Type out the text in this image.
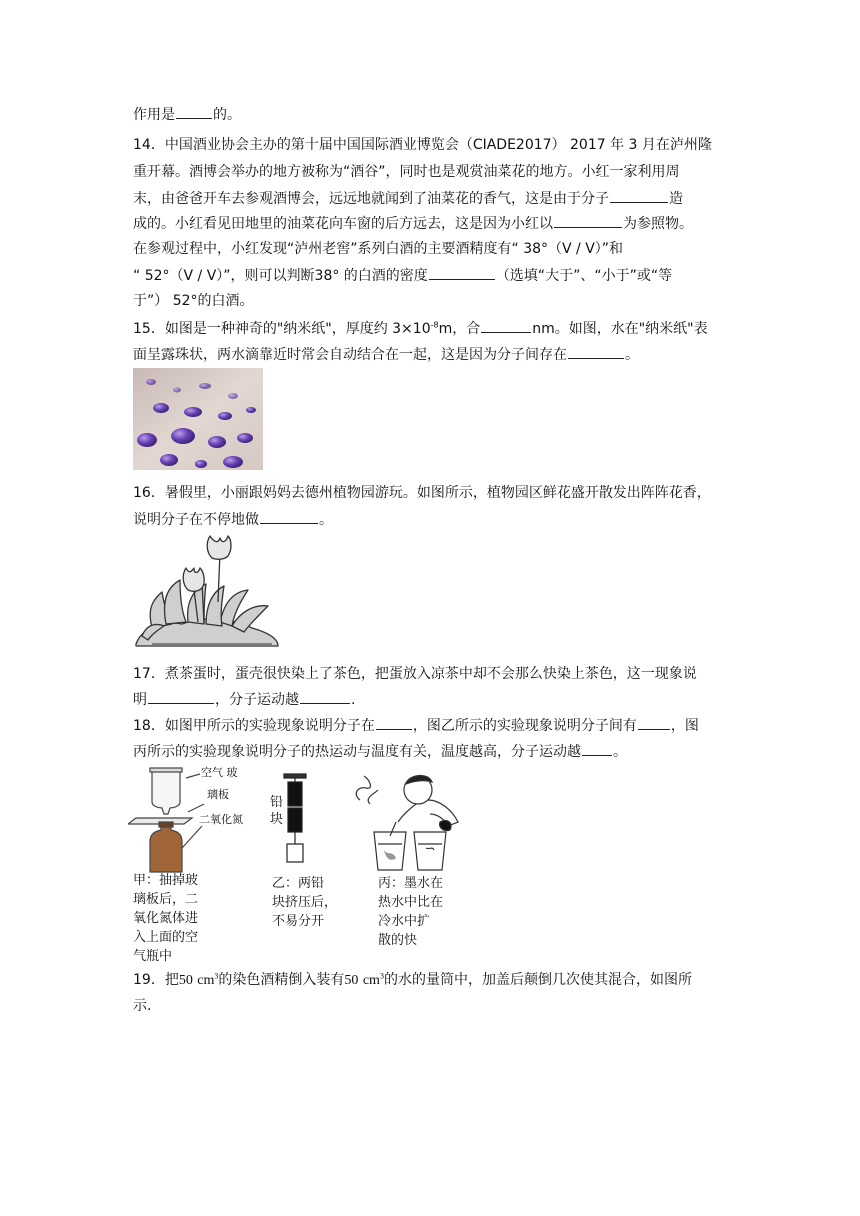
作用是	的。
14．中国酒业协会主办的第十届中国国际酒业博览会（CIADE2017） 2017 年 3 月在泸州隆
重开幕。酒博会举办的地方被称为“酒谷”，同时也是观赏油菜花的地方。小红一家利用周
末，由爸爸开车去参观酒博会，远远地就闻到了油菜花的香气，这是由于分子	造
成的。小红看见田地里的油菜花向车窗的后方远去，这是因为小红以	为参照物。
在参观过程中，小红发现“泸州老窖”系列白酒的主要酒精度有“ 38°（V / V）”和
“ 52°（V / V）”，则可以判断38° 的白酒的密度	（选填“大于”、“小于”或“等
于”） 52°的白酒。
15．如图是一种神奇的"纳米纸"，厚度约 $3\times 10^{-8}m$，合	nm。如图，水在"纳米纸"表
面呈露珠状，两水滴靠近时常会自动结合在一起，这是因为分子间存在	。
16．暑假里，小丽跟妈妈去德州植物园游玩。如图所示，植物园区鲜花盛开散发出阵阵花香，
说明分子在不停地做	。
17．煮茶蛋时，蛋壳很快染上了茶色，把蛋放入凉茶中却不会那么快染上茶色，这一现象说
明	，分子运动越	.
18．如图甲所示的实验现象说明分子在	，图乙所示的实验现象说明分子间有 ，图
丙所示的实验现象说明分子的热运动与温度有关，温度越高，分子运动越 。
空气 玻
璃板
二氧化氮
甲：抽掉玻
璃板后，二
氧化氮体进
入上面的空
气瓶中
铅
块
乙：两铅
块挤压后，
不易分开
丙：墨水在
热水中比在
冷水中扩
散的快
19．把50 $cm^3$的染色酒精倒入装有50 $cm^3$的水的量筒中，加盖后颠倒几次使其混合，如图所
示.
